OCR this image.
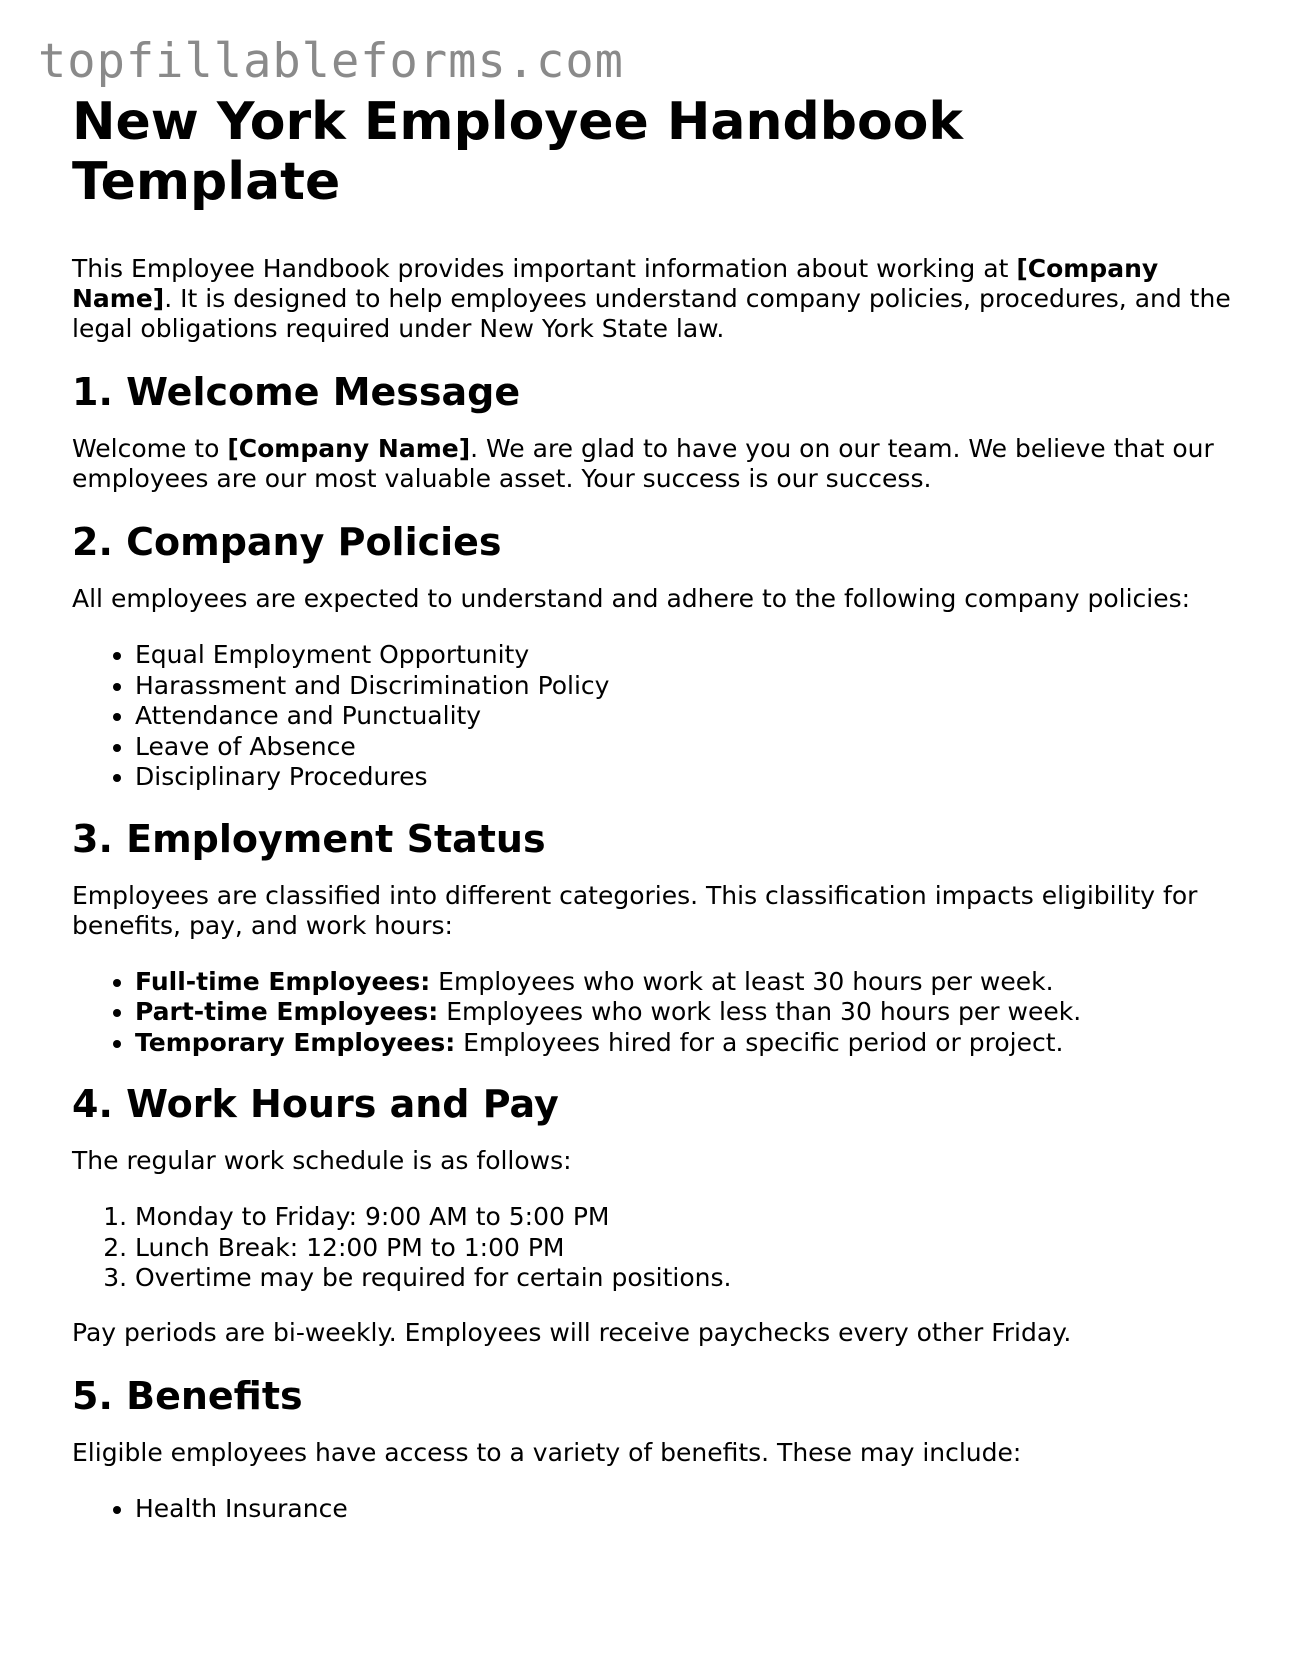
topfillableforms.com
New York Employee Handbook Template

This Employee Handbook provides important information about working at [Company Name]. It is designed to help employees understand company policies, procedures, and the legal obligations required under New York State law.

1. Welcome Message

Welcome to [Company Name]. We are glad to have you on our team. We believe that our employees are our most valuable asset. Your success is our success.

2. Company Policies

All employees are expected to understand and adhere to the following company policies:

• Equal Employment Opportunity
• Harassment and Discrimination Policy
• Attendance and Punctuality
• Leave of Absence
• Disciplinary Procedures
3. Employment Status

Employees are classified into different categories. This classification impacts eligibility for benefits, pay, and work hours:

• Full-time Employees: Employees who work at least 30 hours per week.
• Part-time Employees: Employees who work less than 30 hours per week.
• Temporary Employees: Employees hired for a specific period or project.
4. Work Hours and Pay

The regular work schedule is as follows:

1. Monday to Friday: 9:00 AM to 5:00 PM
2. Lunch Break: 12:00 PM to 1:00 PM
3. Overtime may be required for certain positions.

Pay periods are bi-weekly. Employees will receive paychecks every other Friday.

5. Benefits

Eligible employees have access to a variety of benefits. These may include:

• Health Insurance
